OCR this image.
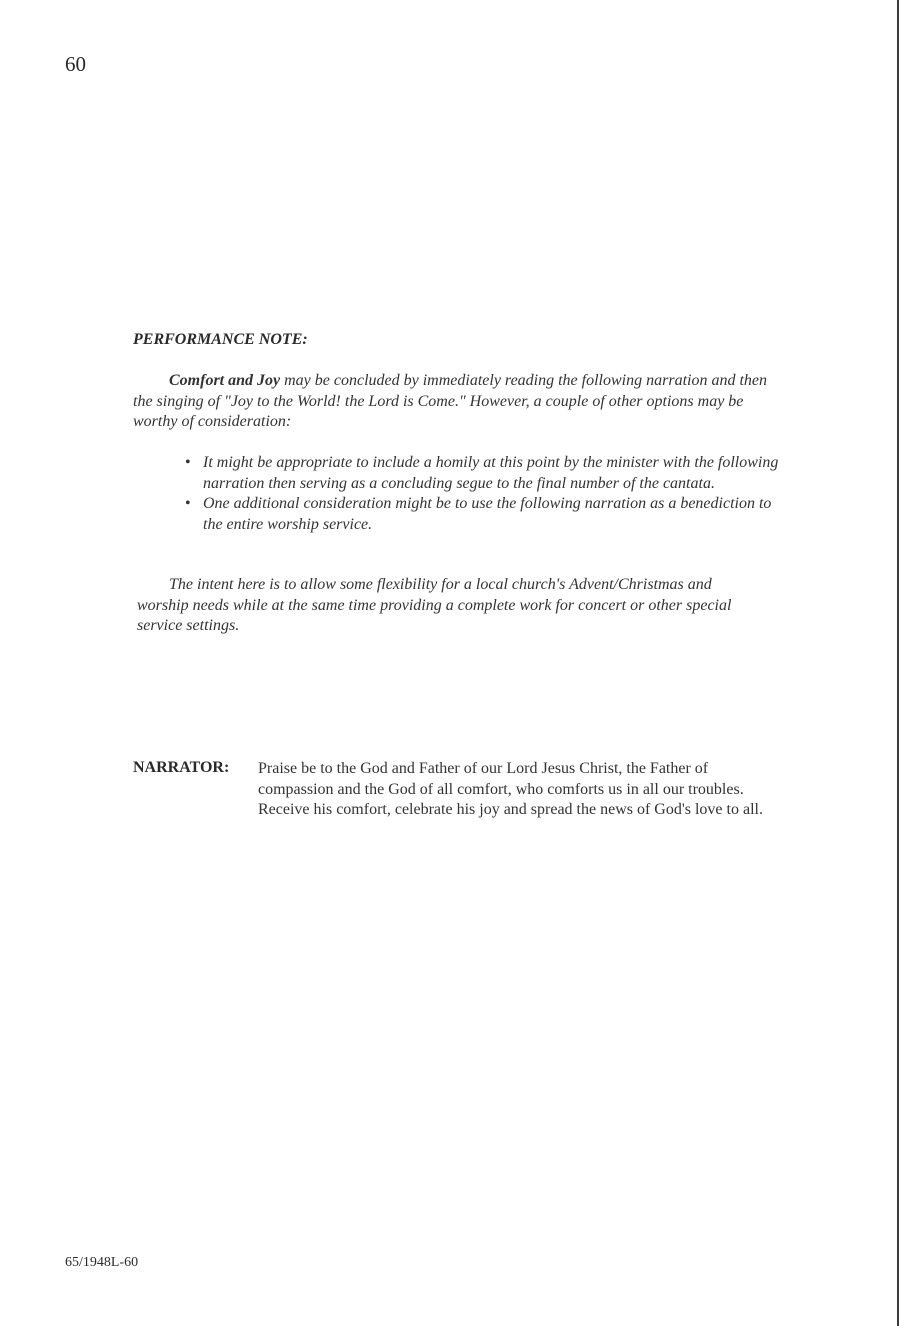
60
PERFORMANCE NOTE:

Comfort and Joy may be concluded by immediately reading the following narration and then the singing of "Joy to the World! the Lord is Come." However, a couple of other options may be worthy of consideration:

• It might be appropriate to include a homily at this point by the minister with the following narration then serving as a concluding segue to the final number of the cantata.
• One additional consideration might be to use the following narration as a benediction to the entire worship service.

The intent here is to allow some flexibility for a local church's Advent/Christmas and worship needs while at the same time providing a complete work for concert or other special service settings.

NARRATOR: Praise be to the God and Father of our Lord Jesus Christ, the Father of compassion and the God of all comfort, who comforts us in all our troubles. Receive his comfort, celebrate his joy and spread the news of God's love to all.

65/1948L-60
